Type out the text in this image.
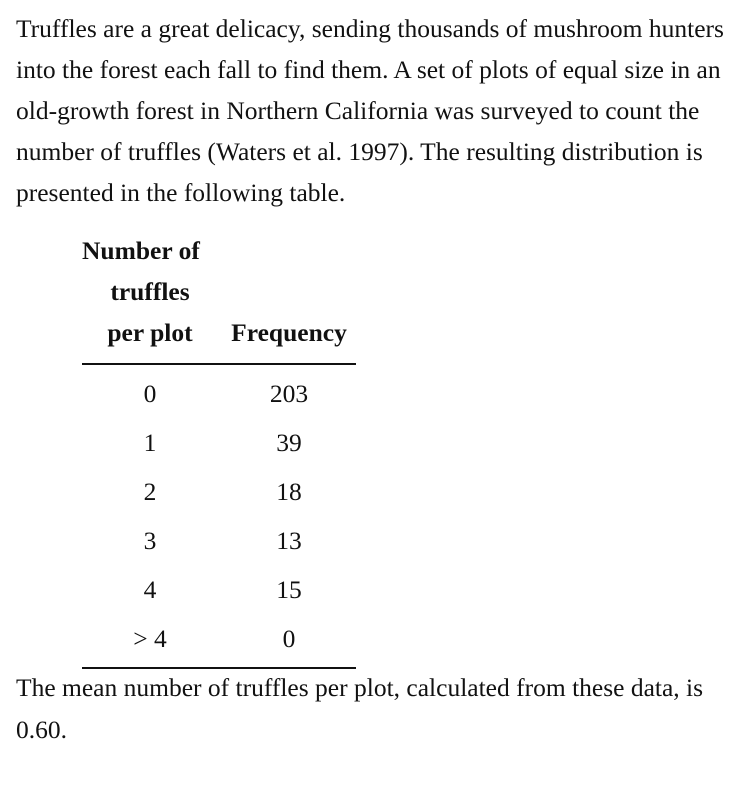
Truffles are a great delicacy, sending thousands of mushroom hunters into the forest each fall to find them. A set of plots of equal size in an old-growth forest in Northern California was surveyed to count the number of truffles (Waters et al. 1997). The resulting distribution is presented in the following table.

Number of
truffles
per plot	Frequency
0	203
1	39
2	18
3	13
4	15
> 4	0

The mean number of truffles per plot, calculated from these data, is 0.60.
